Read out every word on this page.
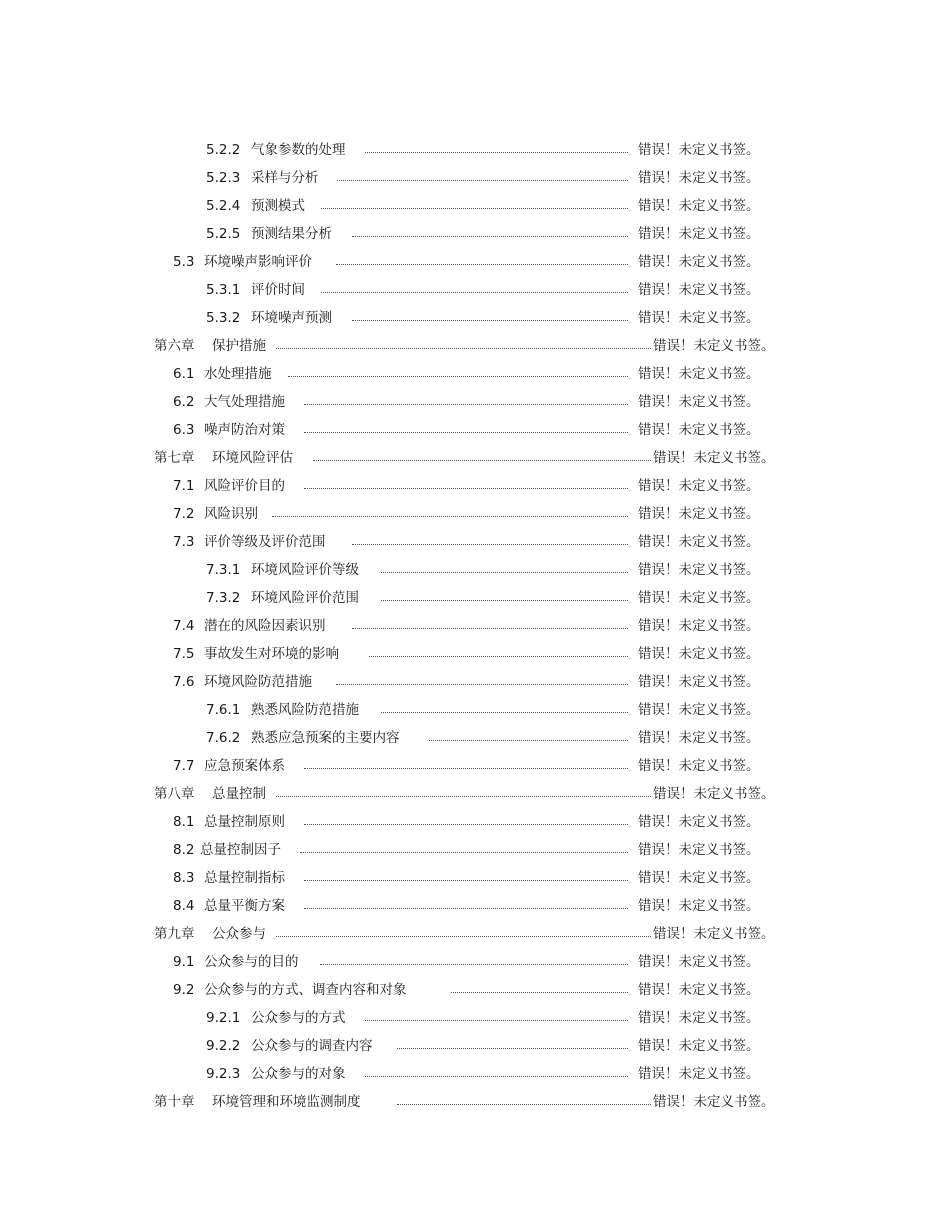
5.2.2 气象参数的处理	错误！未定义书签。
5.2.3 采样与分析	错误！未定义书签。
5.2.4 预测模式	错误！未定义书签。
5.2.5 预测结果分析	错误！未定义书签。
5.3 环境噪声影响评价	错误！未定义书签。
5.3.1 评价时间	错误！未定义书签。
5.3.2 环境噪声预测	错误！未定义书签。
第六章 保护措施	错误！未定义书签。
6.1 水处理措施	错误！未定义书签。
6.2 大气处理措施	错误！未定义书签。
6.3 噪声防治对策	错误！未定义书签。
第七章 环境风险评估	错误！未定义书签。
7.1 风险评价目的	错误！未定义书签。
7.2 风险识别	错误！未定义书签。
7.3 评价等级及评价范围	错误！未定义书签。
7.3.1 环境风险评价等级	错误！未定义书签。
7.3.2 环境风险评价范围	错误！未定义书签。
7.4 潜在的风险因素识别	错误！未定义书签。
7.5 事故发生对环境的影响	错误！未定义书签。
7.6 环境风险防范措施	错误！未定义书签。
7.6.1 熟悉风险防范措施	错误！未定义书签。
7.6.2 熟悉应急预案的主要内容	错误！未定义书签。
7.7 应急预案体系	错误！未定义书签。
第八章 总量控制	错误！未定义书签。
8.1 总量控制原则	错误！未定义书签。
8.2 总量控制因子	错误！未定义书签。
8.3 总量控制指标	错误！未定义书签。
8.4 总量平衡方案	错误！未定义书签。
第九章 公众参与	错误！未定义书签。
9.1 公众参与的目的	错误！未定义书签。
9.2 公众参与的方式、调查内容和对象	错误！未定义书签。
9.2.1 公众参与的方式	错误！未定义书签。
9.2.2 公众参与的调查内容	错误！未定义书签。
9.2.3 公众参与的对象	错误！未定义书签。
第十章 环境管理和环境监测制度	错误！未定义书签。
